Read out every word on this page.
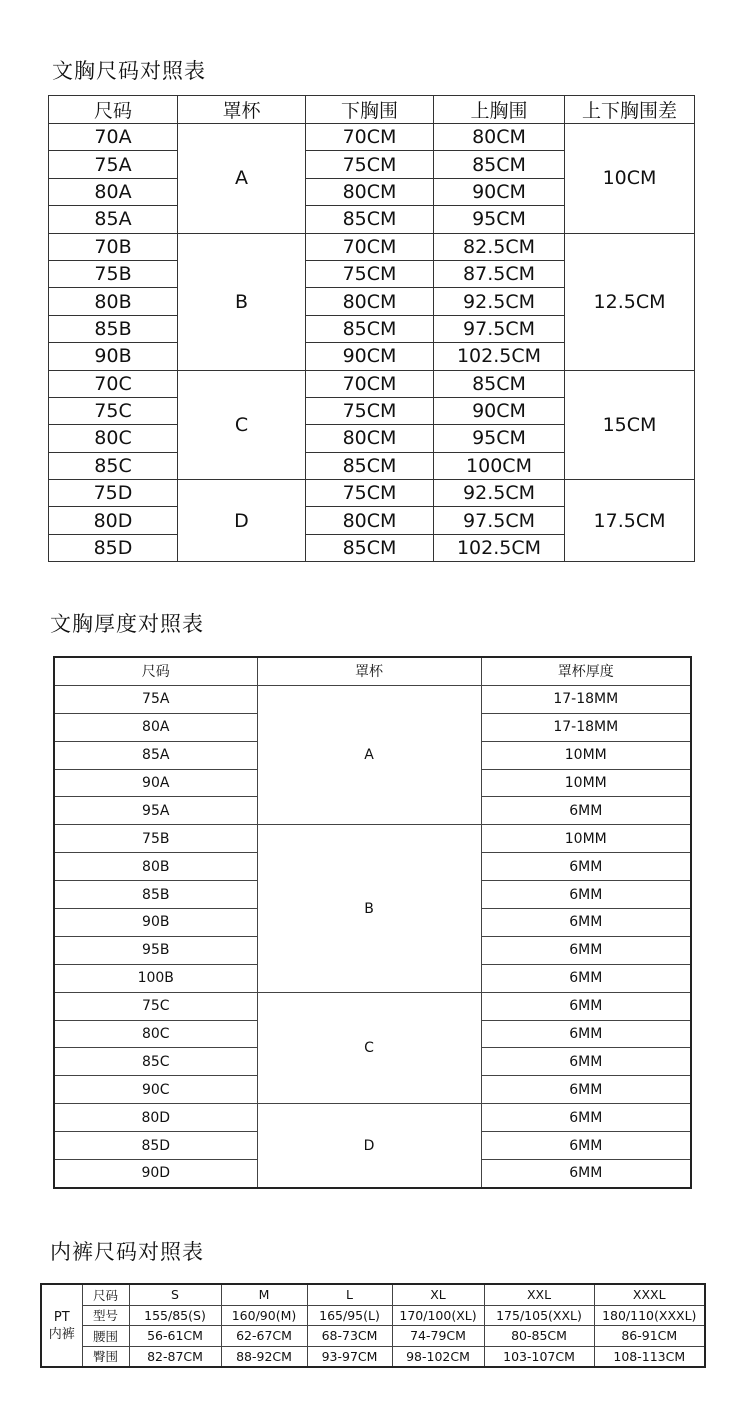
文胸尺码对照表
尺码	罩杯	下胸围	上胸围	上下胸围差
70A	A	70CM	80CM	10CM
75A		75CM	85CM	
80A		80CM	90CM	
85A		85CM	95CM	
70B	B	70CM	82.5CM	12.5CM
75B		75CM	87.5CM	
80B		80CM	92.5CM	
85B		85CM	97.5CM	
90B		90CM	102.5CM	
70C	C	70CM	85CM	15CM
75C		75CM	90CM	
80C		80CM	95CM	
85C		85CM	100CM	
75D	D	75CM	92.5CM	17.5CM
80D		80CM	97.5CM	
85D		85CM	102.5CM	
文胸厚度对照表
尺码	罩杯	罩杯厚度
75A	A	17-18MM
80A		17-18MM
85A		10MM
90A		10MM
95A		6MM
75B	B	10MM
80B		6MM
85B		6MM
90B		6MM
95B		6MM
100B		6MM
75C	C	6MM
80C		6MM
85C		6MM
90C		6MM
80D	D	6MM
85D		6MM
90D		6MM
内裤尺码对照表
PT
内裤	尺码	S	M	L	XL	XXL	XXXL
	型号	155/85(S)	160/90(M)	165/95(L)	170/100(XL)	175/105(XXL)	180/110(XXXL)
	腰围	56-61CM	62-67CM	68-73CM	74-79CM	80-85CM	86-91CM
	臀围	82-87CM	88-92CM	93-97CM	98-102CM	103-107CM	108-113CM
